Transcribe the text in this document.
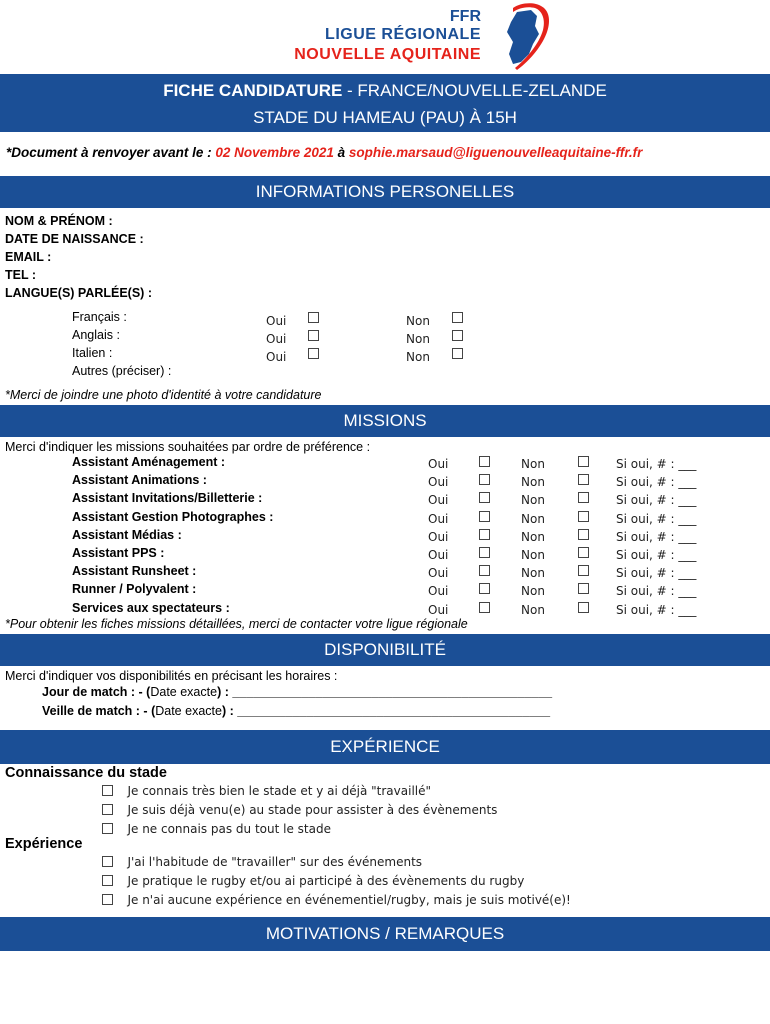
FFR
LIGUE RÉGIONALE
NOUVELLE AQUITAINE
FICHE CANDIDATURE - FRANCE/NOUVELLE-ZELANDE
STADE DU HAMEAU (PAU) À 15H
*Document à renvoyer avant le : 02 Novembre 2021 à sophie.marsaud@liguenouvelleaquitaine-ffr.fr
INFORMATIONS PERSONELLES
NOM & PRÉNOM :
DATE DE NAISSANCE :
EMAIL :
TEL :
LANGUE(S) PARLÉE(S) :
Français :	Oui	Non
Anglais :	Oui	Non
Italien :	Oui	Non
Autres (préciser) :
*Merci de joindre une photo d'identité à votre candidature
MISSIONS
Merci d'indiquer les missions souhaitées par ordre de préférence :
Assistant Aménagement :	Oui	Non	Si oui, # : ___
Assistant Animations :	Oui	Non	Si oui, # : ___
Assistant Invitations/Billetterie :	Oui	Non	Si oui, # : ___
Assistant Gestion Photographes :	Oui	Non	Si oui, # : ___
Assistant Médias :	Oui	Non	Si oui, # : ___
Assistant PPS :	Oui	Non	Si oui, # : ___
Assistant Runsheet :	Oui	Non	Si oui, # : ___
Runner / Polyvalent :	Oui	Non	Si oui, # : ___
Services aux spectateurs :	Oui	Non	Si oui, # : ___
*Pour obtenir les fiches missions détaillées, merci de contacter votre ligue régionale
DISPONIBILITÉ
Merci d'indiquer vos disponibilités en précisant les horaires :
Jour de match : - (Date exacte) : ______________________________________________
Veille de match : - (Date exacte) : _____________________________________________
EXPÉRIENCE
Connaissance du stade
Je connais très bien le stade et y ai déjà "travaillé"
Je suis déjà venu(e) au stade pour assister à des évènements
Je ne connais pas du tout le stade
Expérience
J'ai l'habitude de "travailler" sur des événements
Je pratique le rugby et/ou ai participé à des évènements du rugby
Je n'ai aucune expérience en événementiel/rugby, mais je suis motivé(e)!
MOTIVATIONS / REMARQUES
